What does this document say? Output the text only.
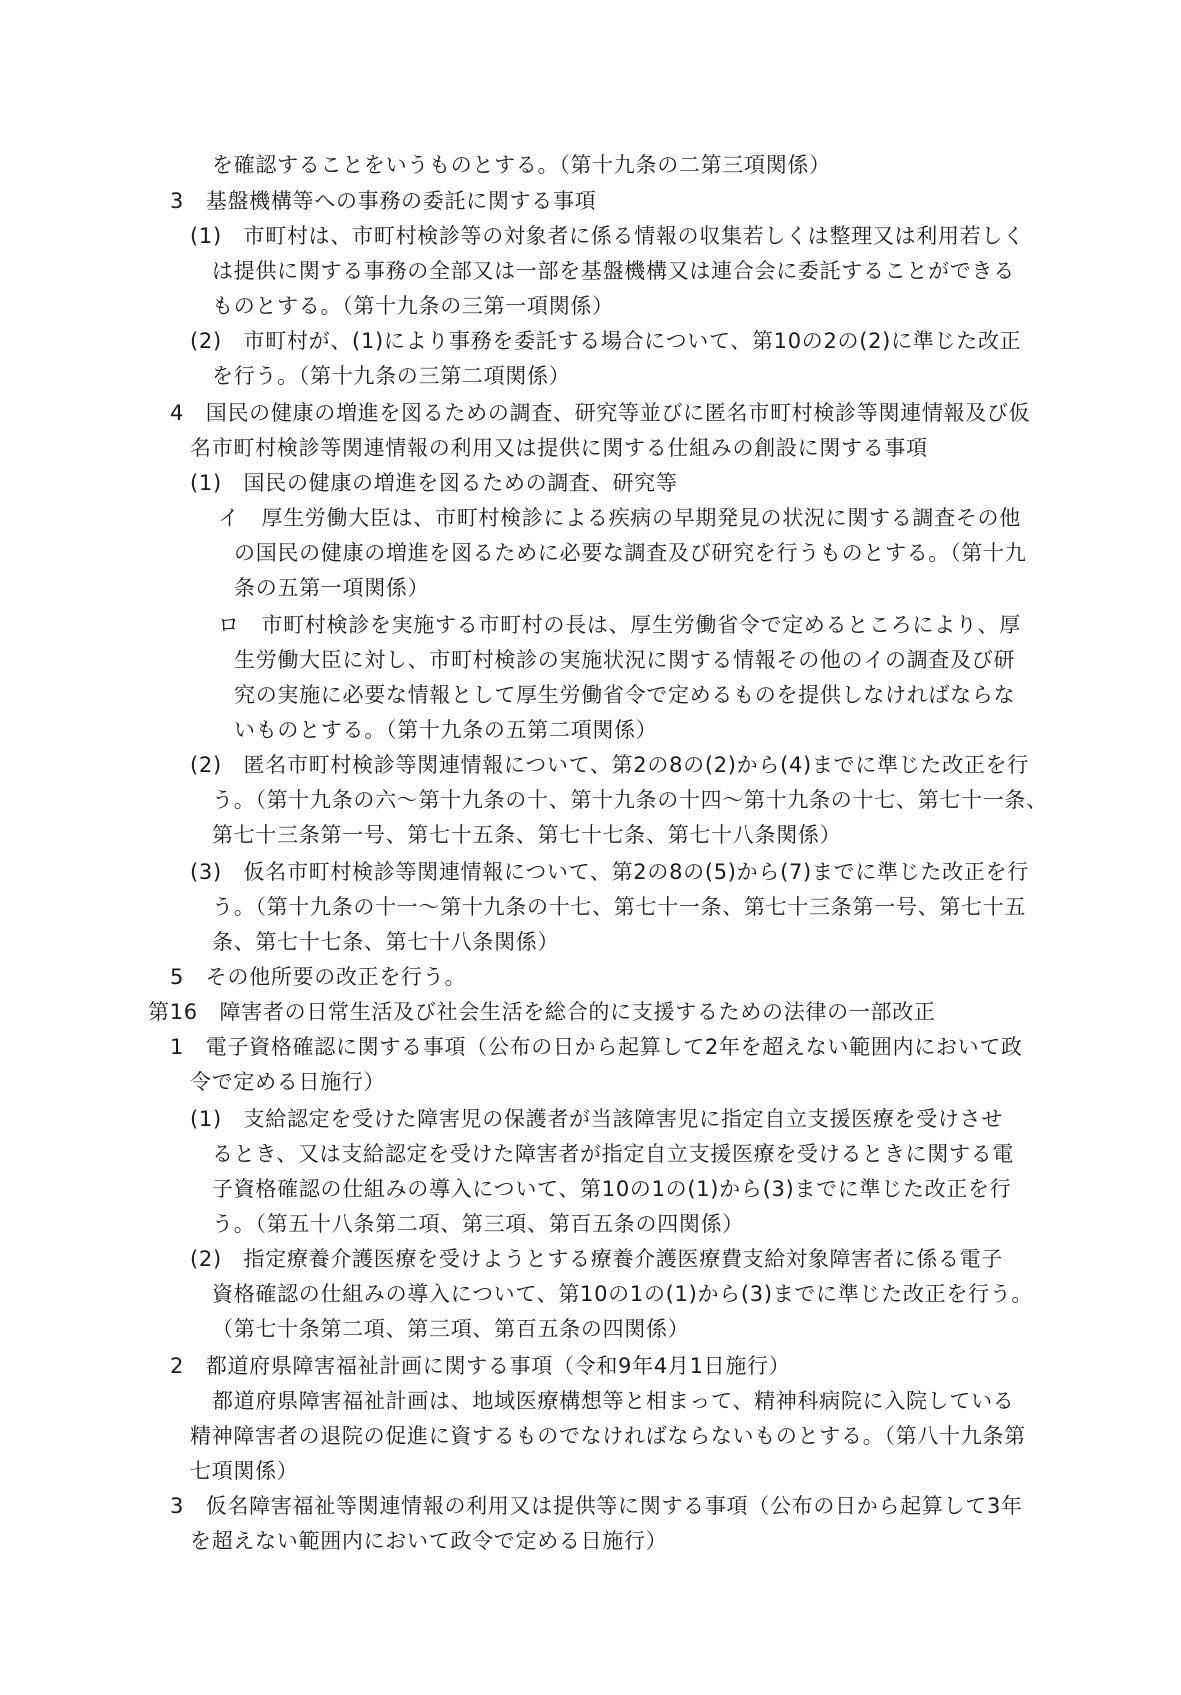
を確認することをいうものとする。（第十九条の二第三項関係）
3　基盤機構等への事務の委託に関する事項
(1)　市町村は、市町村検診等の対象者に係る情報の収集若しくは整理又は利用若しく
は提供に関する事務の全部又は一部を基盤機構又は連合会に委託することができる
ものとする。（第十九条の三第一項関係）
(2)　市町村が、(1)により事務を委託する場合について、第10の2の(2)に準じた改正
を行う。（第十九条の三第二項関係）
4　国民の健康の増進を図るための調査、研究等並びに匿名市町村検診等関連情報及び仮
名市町村検診等関連情報の利用又は提供に関する仕組みの創設に関する事項
(1)　国民の健康の増進を図るための調査、研究等
イ　厚生労働大臣は、市町村検診による疾病の早期発見の状況に関する調査その他
の国民の健康の増進を図るために必要な調査及び研究を行うものとする。（第十九
条の五第一項関係）
ロ　市町村検診を実施する市町村の長は、厚生労働省令で定めるところにより、厚
生労働大臣に対し、市町村検診の実施状況に関する情報その他のイの調査及び研
究の実施に必要な情報として厚生労働省令で定めるものを提供しなければならな
いものとする。（第十九条の五第二項関係）
(2)　匿名市町村検診等関連情報について、第2の8の(2)から(4)までに準じた改正を行
う。（第十九条の六～第十九条の十、第十九条の十四～第十九条の十七、第七十一条、
第七十三条第一号、第七十五条、第七十七条、第七十八条関係）
(3)　仮名市町村検診等関連情報について、第2の8の(5)から(7)までに準じた改正を行
う。（第十九条の十一～第十九条の十七、第七十一条、第七十三条第一号、第七十五
条、第七十七条、第七十八条関係）
5　その他所要の改正を行う。
第16　障害者の日常生活及び社会生活を総合的に支援するための法律の一部改正
1　電子資格確認に関する事項（公布の日から起算して2年を超えない範囲内において政
令で定める日施行）
(1)　支給認定を受けた障害児の保護者が当該障害児に指定自立支援医療を受けさせ
るとき、又は支給認定を受けた障害者が指定自立支援医療を受けるときに関する電
子資格確認の仕組みの導入について、第10の1の(1)から(3)までに準じた改正を行
う。（第五十八条第二項、第三項、第百五条の四関係）
(2)　指定療養介護医療を受けようとする療養介護医療費支給対象障害者に係る電子
資格確認の仕組みの導入について、第10の1の(1)から(3)までに準じた改正を行う。
（第七十条第二項、第三項、第百五条の四関係）
2　都道府県障害福祉計画に関する事項（令和9年4月1日施行）
都道府県障害福祉計画は、地域医療構想等と相まって、精神科病院に入院している
精神障害者の退院の促進に資するものでなければならないものとする。（第八十九条第
七項関係）
3　仮名障害福祉等関連情報の利用又は提供等に関する事項（公布の日から起算して3年
を超えない範囲内において政令で定める日施行）
